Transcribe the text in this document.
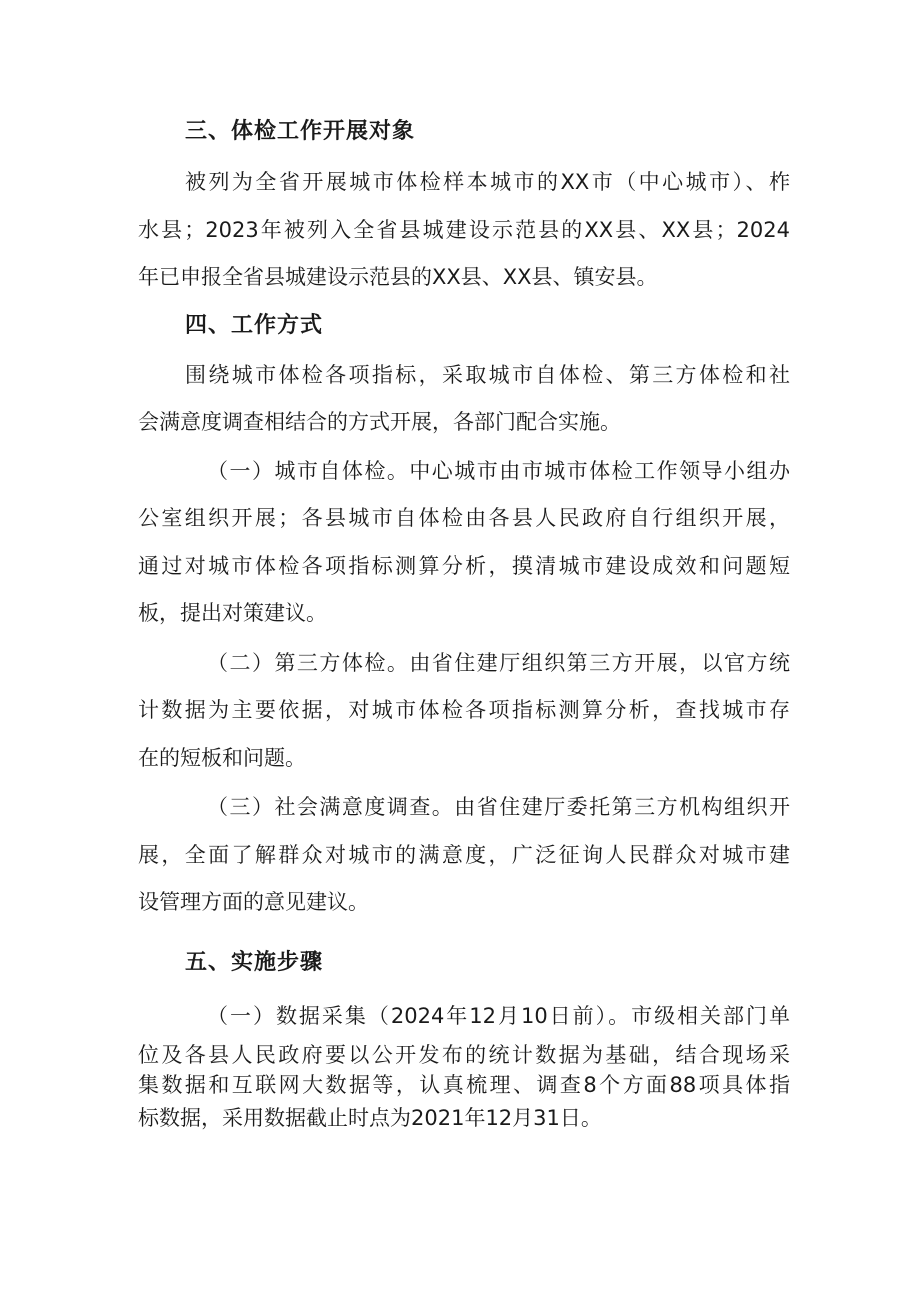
三、体检工作开展对象
被列为全省开展城市体检样本城市的XX市（中心城市）、柞
水县；2023年被列入全省县城建设示范县的XX县、XX县；2024
年已申报全省县城建设示范县的XX县、XX县、镇安县。
四、工作方式
围绕城市体检各项指标，采取城市自体检、第三方体检和社
会满意度调查相结合的方式开展，各部门配合实施。
（一）城市自体检。中心城市由市城市体检工作领导小组办
公室组织开展；各县城市自体检由各县人民政府自行组织开展，
通过对城市体检各项指标测算分析，摸清城市建设成效和问题短
板，提出对策建议。
（二）第三方体检。由省住建厅组织第三方开展，以官方统
计数据为主要依据，对城市体检各项指标测算分析，查找城市存
在的短板和问题。
（三）社会满意度调查。由省住建厅委托第三方机构组织开
展，全面了解群众对城市的满意度，广泛征询人民群众对城市建
设管理方面的意见建议。
五、实施步骤
（一）数据采集（2024年12月10日前）。市级相关部门单
位及各县人民政府要以公开发布的统计数据为基础，结合现场采
集数据和互联网大数据等，认真梳理、调查8个方面88项具体指
标数据，采用数据截止时点为2021年12月31日。
